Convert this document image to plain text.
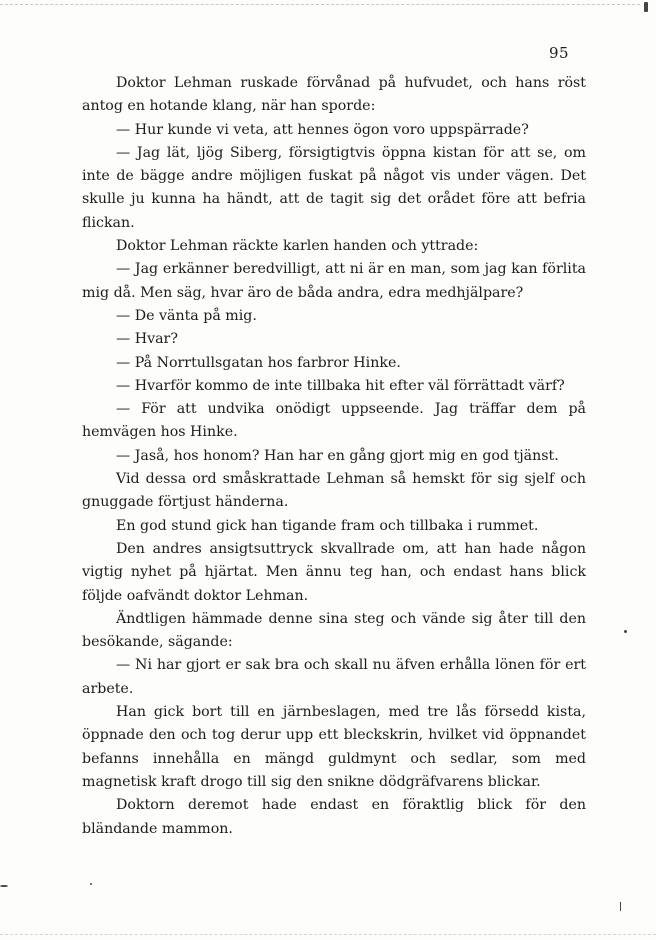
95

Doktor Lehman ruskade förvånad på hufvudet, och hans röst antog en hotande klang, när han sporde:

— Hur kunde vi veta, att hennes ögon voro uppspärrade?

— Jag lät, ljög Siberg, försigtigtvis öppna kistan för att se, om inte de bägge andre möjligen fuskat på något vis under vägen. Det skulle ju kunna ha händt, att de tagit sig det orådet före att befria flickan.

Doktor Lehman räckte karlen handen och yttrade:

— Jag erkänner beredvilligt, att ni är en man, som jag kan förlita mig då. Men säg, hvar äro de båda andra, edra medhjälpare?

— De vänta på mig.

— Hvar?

— På Norrtullsgatan hos farbror Hinke.

— Hvarför kommo de inte tillbaka hit efter väl förrättadt värf?

— För att undvika onödigt uppseende. Jag träffar dem på hemvägen hos Hinke.

— Jaså, hos honom? Han har en gång gjort mig en god tjänst.

Vid dessa ord småskrattade Lehman så hemskt för sig sjelf och gnuggade förtjust händerna.

En god stund gick han tigande fram och tillbaka i rummet.

Den andres ansigtsuttryck skvallrade om, att han hade någon vigtig nyhet på hjärtat. Men ännu teg han, och endast hans blick följde oafvändt doktor Lehman.

Ändtligen hämmade denne sina steg och vände sig åter till den besökande, sägande:

— Ni har gjort er sak bra och skall nu äfven erhålla lönen för ert arbete.

Han gick bort till en järnbeslagen, med tre lås försedd kista, öppnade den och tog derur upp ett bleckskrin, hvilket vid öppnandet befanns innehålla en mängd guldmynt och sedlar, som med magnetisk kraft drogo till sig den snikne dödgräfvarens blickar.

Doktorn deremot hade endast en föraktlig blick för den bländande mammon.
